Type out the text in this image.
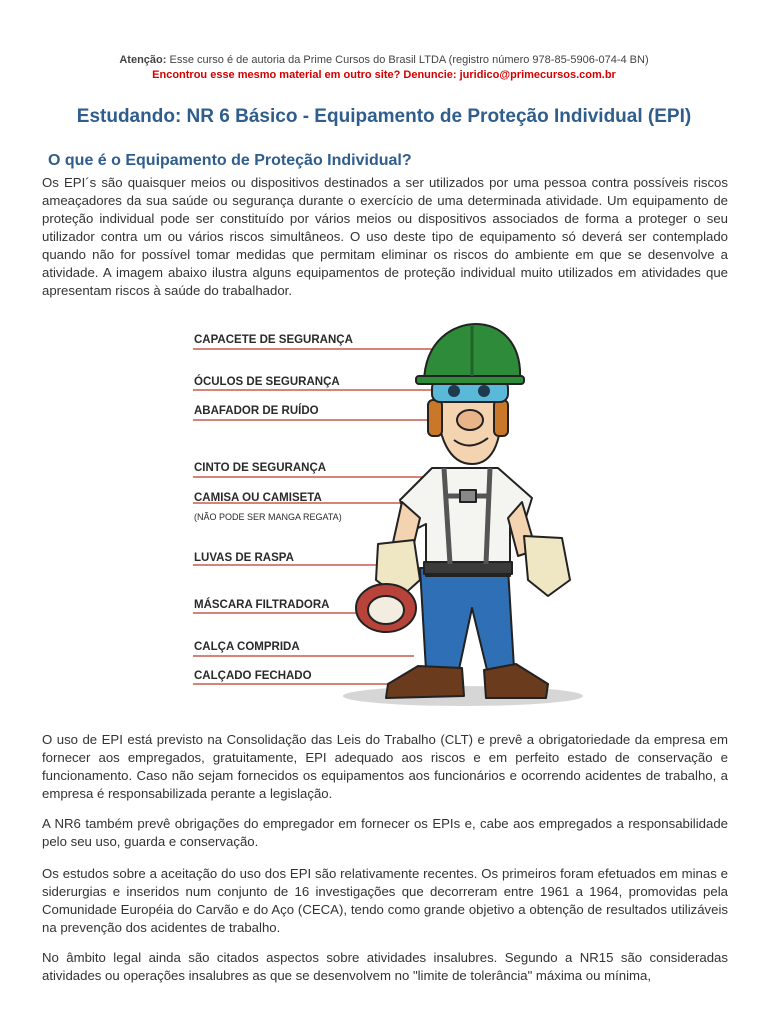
Atenção: Esse curso é de autoria da Prime Cursos do Brasil LTDA (registro número 978-85-5906-074-4 BN)
Encontrou esse mesmo material em outro site? Denuncie: juridico@primecursos.com.br
Estudando: NR 6 Básico - Equipamento de Proteção Individual (EPI)
O que é o Equipamento de Proteção Individual?

Os EPI´s são quaisquer meios ou dispositivos destinados a ser utilizados por uma pessoa contra possíveis riscos ameaçadores da sua saúde ou segurança durante o exercício de uma determinada atividade. Um equipamento de proteção individual pode ser constituído por vários meios ou dispositivos associados de forma a proteger o seu utilizador contra um ou vários riscos simultâneos. O uso deste tipo de equipamento só deverá ser contemplado quando não for possível tomar medidas que permitam eliminar os riscos do ambiente em que se desenvolve a atividade. A imagem abaixo ilustra alguns equipamentos de proteção individual muito utilizados em atividades que apresentam riscos à saúde do trabalhador.

CAPACETE DE SEGURANÇA
ÓCULOS DE SEGURANÇA
ABAFADOR DE RUÍDO
CINTO DE SEGURANÇA
CAMISA OU CAMISETA
(NÃO PODE SER MANGA REGATA)
LUVAS DE RASPA
MÁSCARA FILTRADORA
CALÇA COMPRIDA
CALÇADO FECHADO

O uso de EPI está previsto na Consolidação das Leis do Trabalho (CLT) e prevê a obrigatoriedade da empresa em fornecer aos empregados, gratuitamente, EPI adequado aos riscos e em perfeito estado de conservação e funcionamento. Caso não sejam fornecidos os equipamentos aos funcionários e ocorrendo acidentes de trabalho, a empresa é responsabilizada perante a legislação.

A NR6 também prevê obrigações do empregador em fornecer os EPIs e, cabe aos empregados a responsabilidade pelo seu uso, guarda e conservação.

Os estudos sobre a aceitação do uso dos EPI são relativamente recentes. Os primeiros foram efetuados em minas e siderurgias e inseridos num conjunto de 16 investigações que decorreram entre 1961 a 1964, promovidas pela Comunidade Européia do Carvão e do Aço (CECA), tendo como grande objetivo a obtenção de resultados utilizáveis na prevenção dos acidentes de trabalho.

No âmbito legal ainda são citados aspectos sobre atividades insalubres. Segundo a NR15 são consideradas atividades ou operações insalubres as que se desenvolvem no "limite de tolerância" máxima ou mínima,
